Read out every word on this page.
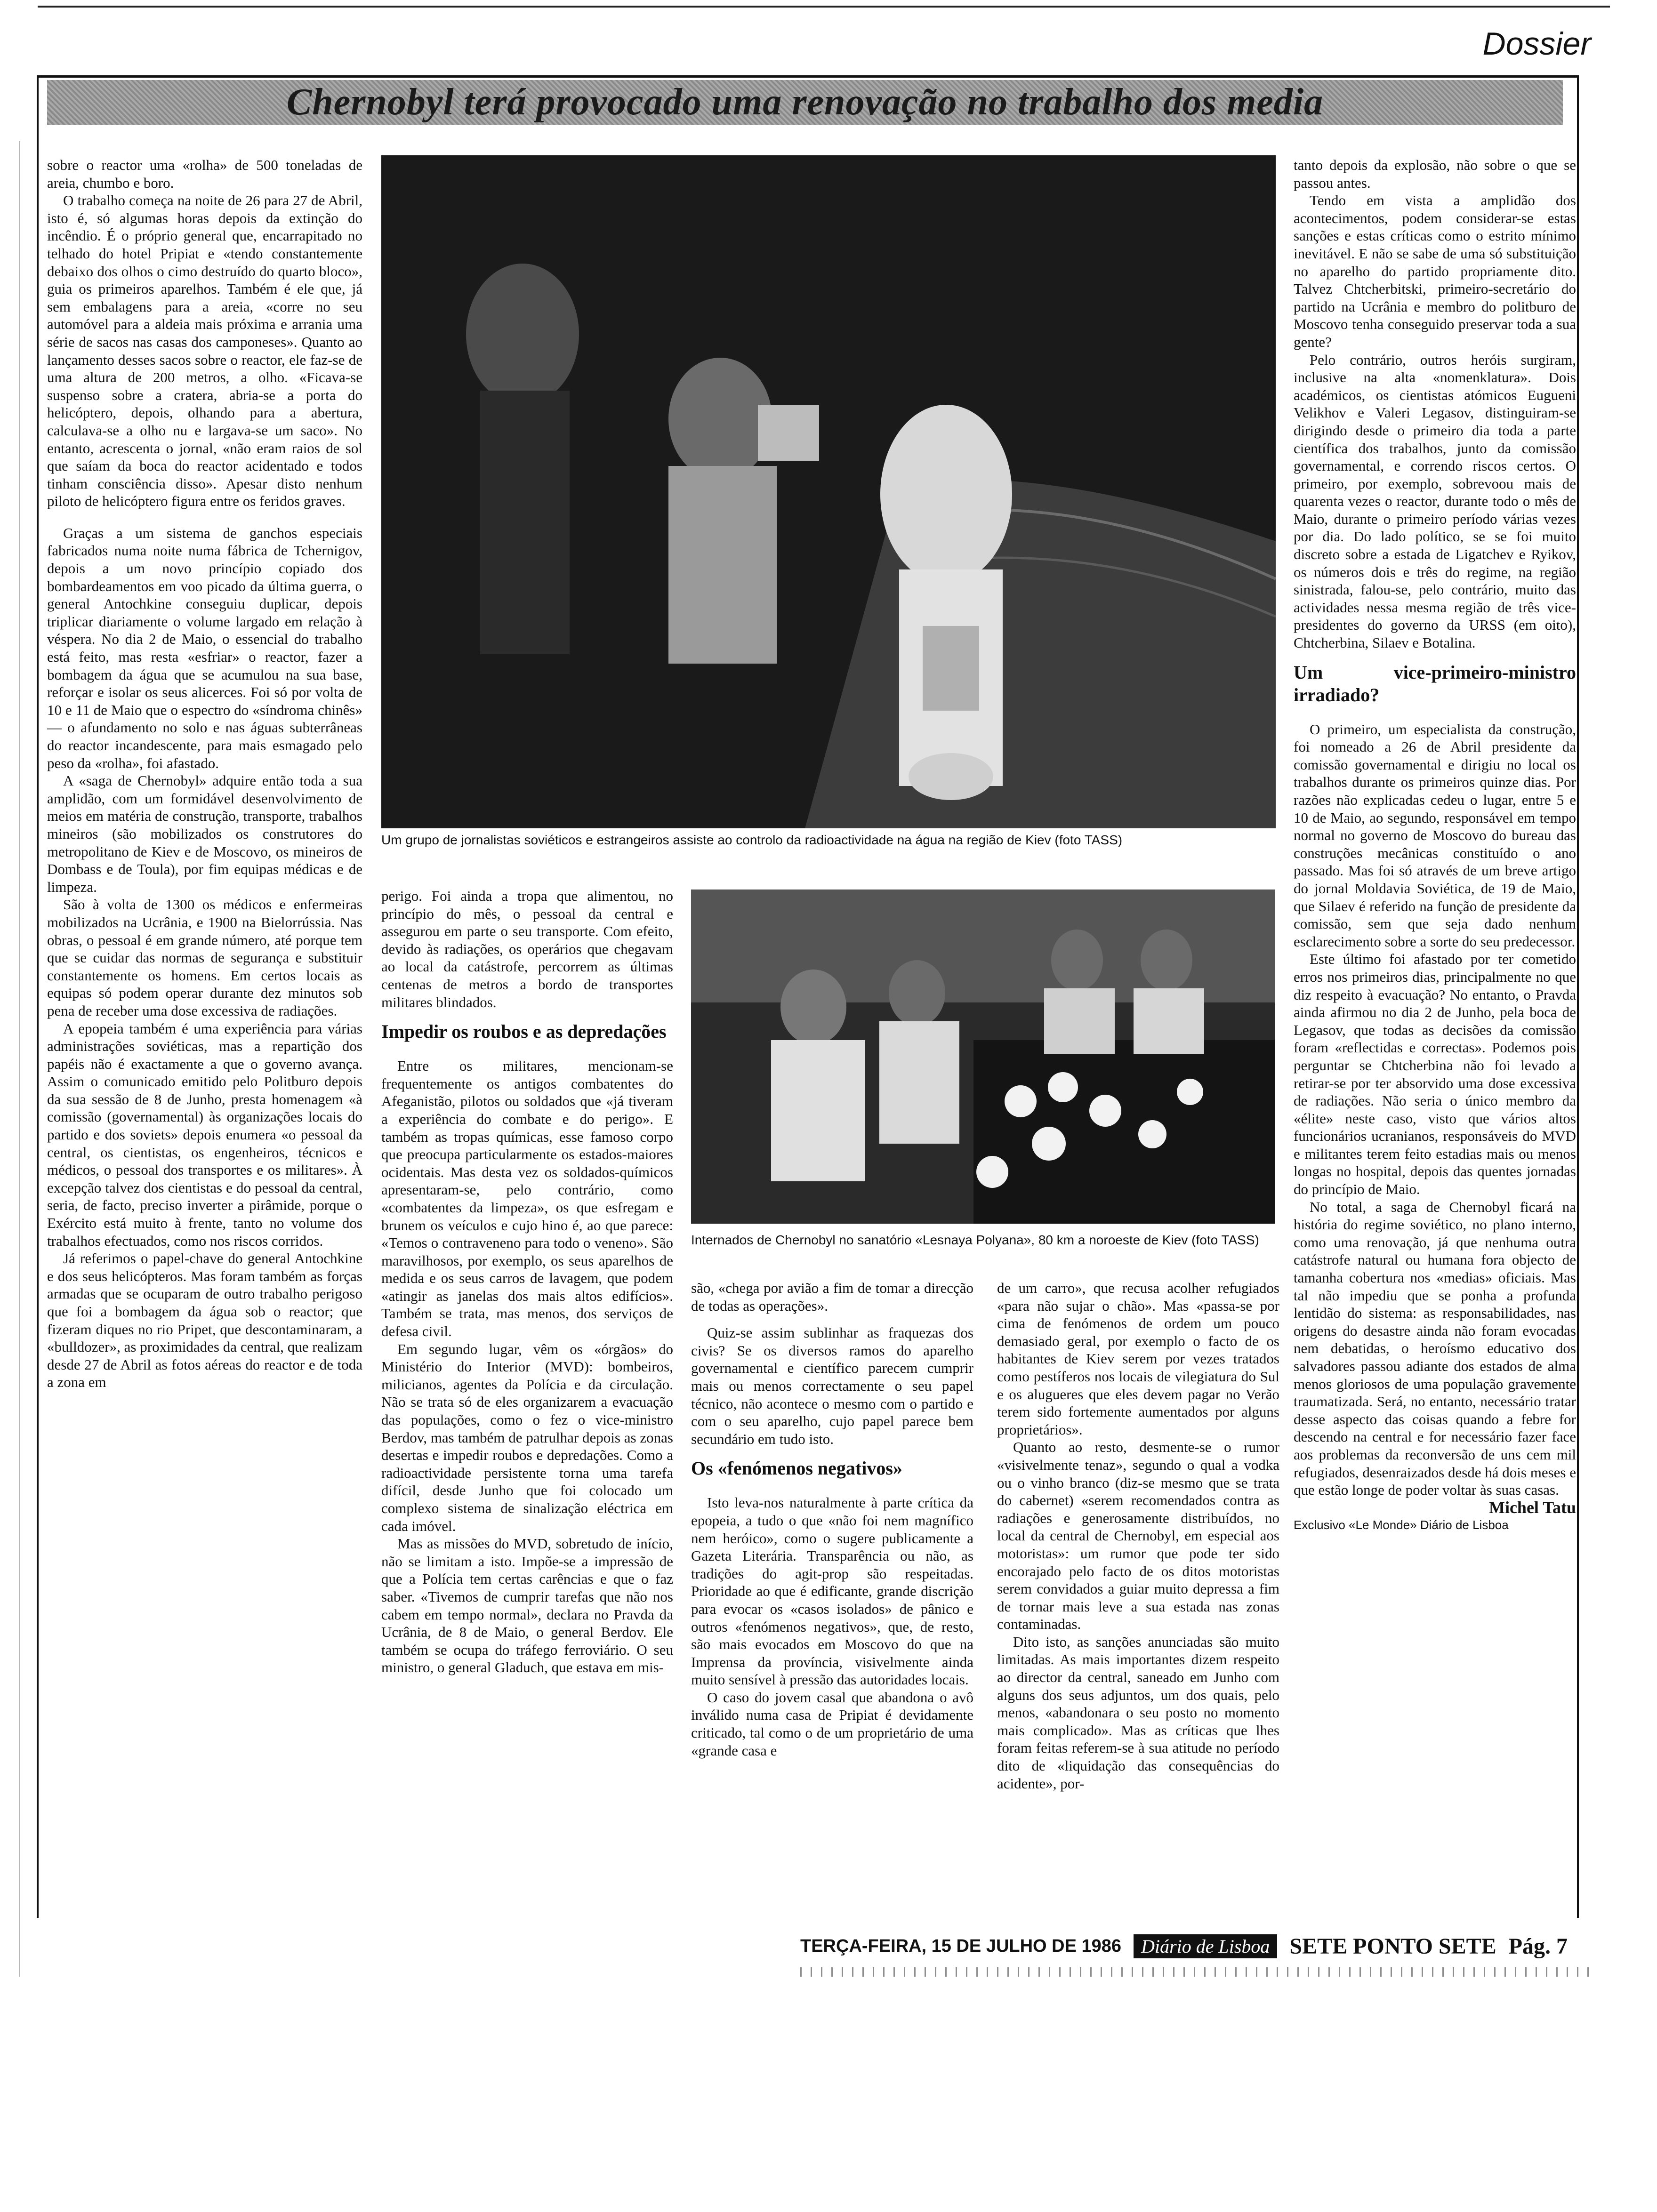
Dossier
Chernobyl terá provocado uma renovação no trabalho dos media

sobre o reactor uma «rolha» de 500 toneladas de areia, chumbo e boro.

O trabalho começa na noite de 26 para 27 de Abril, isto é, só algumas horas depois da extinção do incêndio. É o próprio general que, encarrapitado no telhado do hotel Pripiat e «tendo constantemente debaixo dos olhos o cimo destruído do quarto bloco», guia os primeiros aparelhos. Também é ele que, já sem embalagens para a areia, «corre no seu automóvel para a aldeia mais próxima e arrania uma série de sacos nas casas dos camponeses». Quanto ao lançamento desses sacos sobre o reactor, ele faz-se de uma altura de 200 metros, a olho. «Ficava-se suspenso sobre a cratera, abria-se a porta do helicóptero, depois, olhando para a abertura, calculava-se a olho nu e largava-se um saco». No entanto, acrescenta o jornal, «não eram raios de sol que saíam da boca do reactor acidentado e todos tinham consciência disso». Apesar disto nenhum piloto de helicóptero figura entre os feridos graves.

Graças a um sistema de ganchos especiais fabricados numa noite numa fábrica de Tchernigov, depois a um novo princípio copiado dos bombardeamentos em voo picado da última guerra, o general Antochkine conseguiu duplicar, depois triplicar diariamente o volume largado em relação à véspera. No dia 2 de Maio, o essencial do trabalho está feito, mas resta «esfriar» o reactor, fazer a bombagem da água que se acumulou na sua base, reforçar e isolar os seus alicerces. Foi só por volta de 10 e 11 de Maio que o espectro do «síndroma chinês» — o afundamento no solo e nas águas subterrâneas do reactor incandescente, para mais esmagado pelo peso da «rolha», foi afastado.

A «saga de Chernobyl» adquire então toda a sua amplidão, com um formidável desenvolvimento de meios em matéria de construção, transporte, trabalhos mineiros (são mobilizados os construtores do metropolitano de Kiev e de Moscovo, os mineiros de Dombass e de Toula), por fim equipas médicas e de limpeza.

São à volta de 1300 os médicos e enfermeiras mobilizados na Ucrânia, e 1900 na Bielorrússia. Nas obras, o pessoal é em grande número, até porque tem que se cuidar das normas de segurança e substituir constantemente os homens. Em certos locais as equipas só podem operar durante dez minutos sob pena de receber uma dose excessiva de radiações.

A epopeia também é uma experiência para várias administrações soviéticas, mas a repartição dos papéis não é exactamente a que o governo avança. Assim o comunicado emitido pelo Politburo depois da sua sessão de 8 de Junho, presta homenagem «à comissão (governamental) às organizações locais do partido e dos soviets» depois enumera «o pessoal da central, os cientistas, os engenheiros, técnicos e médicos, o pessoal dos transportes e os militares». À excepção talvez dos cientistas e do pessoal da central, seria, de facto, preciso inverter a pirâmide, porque o Exército está muito à frente, tanto no volume dos trabalhos efectuados, como nos riscos corridos.

Já referimos o papel-chave do general Antochkine e dos seus helicópteros. Mas foram também as forças armadas que se ocuparam de outro trabalho perigoso que foi a bombagem da água sob o reactor; que fizeram diques no rio Pripet, que descontaminaram, a «bulldozer», as proximidades da central, que realizam desde 27 de Abril as fotos aéreas do reactor e de toda a zona em

Um grupo de jornalistas soviéticos e estrangeiros assiste ao controlo da radioactividade na água na região de Kiev (foto TASS)

perigo. Foi ainda a tropa que alimentou, no princípio do mês, o pessoal da central e assegurou em parte o seu transporte. Com efeito, devido às radiações, os operários que chegavam ao local da catástrofe, percorrem as últimas centenas de metros a bordo de transportes militares blindados.

Impedir os roubos e as depredações

Entre os militares, mencionam-se frequentemente os antigos combatentes do Afeganistão, pilotos ou soldados que «já tiveram a experiência do combate e do perigo». E também as tropas químicas, esse famoso corpo que preocupa particularmente os estados-maiores ocidentais. Mas desta vez os soldados-químicos apresentaram-se, pelo contrário, como «combatentes da limpeza», os que esfregam e brunem os veículos e cujo hino é, ao que parece: «Temos o contraveneno para todo o veneno». São maravilhosos, por exemplo, os seus aparelhos de medida e os seus carros de lavagem, que podem «atingir as janelas dos mais altos edifícios». Também se trata, mas menos, dos serviços de defesa civil.

Em segundo lugar, vêm os «órgãos» do Ministério do Interior (MVD): bombeiros, milicianos, agentes da Polícia e da circulação. Não se trata só de eles organizarem a evacuação das populações, como o fez o vice-ministro Berdov, mas também de patrulhar depois as zonas desertas e impedir roubos e depredações. Como a radioactividade persistente torna uma tarefa difícil, desde Junho que foi colocado um complexo sistema de sinalização eléctrica em cada imóvel.

Mas as missões do MVD, sobretudo de início, não se limitam a isto. Impõe-se a impressão de que a Polícia tem certas carências e que o faz saber. «Tivemos de cumprir tarefas que não nos cabem em tempo normal», declara no Pravda da Ucrânia, de 8 de Maio, o general Berdov. Ele também se ocupa do tráfego ferroviário. O seu ministro, o general Gladuch, que estava em mis-

Internados de Chernobyl no sanatório «Lesnaya Polyana», 80 km a noroeste de Kiev (foto TASS)

são, «chega por avião a fim de tomar a direcção de todas as operações».

Quiz-se assim sublinhar as fraquezas dos civis? Se os diversos ramos do aparelho governamental e científico parecem cumprir mais ou menos correctamente o seu papel técnico, não acontece o mesmo com o partido e com o seu aparelho, cujo papel parece bem secundário em tudo isto.

Os «fenómenos negativos»

Isto leva-nos naturalmente à parte crítica da epopeia, a tudo o que «não foi nem magnífico nem heróico», como o sugere publicamente a Gazeta Literária. Transparência ou não, as tradições do agit-prop são respeitadas. Prioridade ao que é edificante, grande discrição para evocar os «casos isolados» de pânico e outros «fenómenos negativos», que, de resto, são mais evocados em Moscovo do que na Imprensa da província, visivelmente ainda muito sensível à pressão das autoridades locais.

O caso do jovem casal que abandona o avô inválido numa casa de Pripiat é devidamente criticado, tal como o de um proprietário de uma «grande casa e

de um carro», que recusa acolher refugiados «para não sujar o chão». Mas «passa-se por cima de fenómenos de ordem um pouco demasiado geral, por exemplo o facto de os habitantes de Kiev serem por vezes tratados como pestíferos nos locais de vilegiatura do Sul e os alugueres que eles devem pagar no Verão terem sido fortemente aumentados por alguns proprietários».

Quanto ao resto, desmente-se o rumor «visivelmente tenaz», segundo o qual a vodka ou o vinho branco (diz-se mesmo que se trata do cabernet) «serem recomendados contra as radiações e generosamente distribuídos, no local da central de Chernobyl, em especial aos motoristas»: um rumor que pode ter sido encorajado pelo facto de os ditos motoristas serem convidados a guiar muito depressa a fim de tornar mais leve a sua estada nas zonas contaminadas.

Dito isto, as sanções anunciadas são muito limitadas. As mais importantes dizem respeito ao director da central, saneado em Junho com alguns dos seus adjuntos, um dos quais, pelo menos, «abandonara o seu posto no momento mais complicado». Mas as críticas que lhes foram feitas referem-se à sua atitude no período dito de «liquidação das consequências do acidente», por-

tanto depois da explosão, não sobre o que se passou antes.

Tendo em vista a amplidão dos acontecimentos, podem considerar-se estas sanções e estas críticas como o estrito mínimo inevitável. E não se sabe de uma só substituição no aparelho do partido propriamente dito. Talvez Chtcherbitski, primeiro-secretário do partido na Ucrânia e membro do politburo de Moscovo tenha conseguido preservar toda a sua gente?

Pelo contrário, outros heróis surgiram, inclusive na alta «nomenklatura». Dois académicos, os cientistas atómicos Eugueni Velikhov e Valeri Legasov, distinguiram-se dirigindo desde o primeiro dia toda a parte científica dos trabalhos, junto da comissão governamental, e correndo riscos certos. O primeiro, por exemplo, sobrevoou mais de quarenta vezes o reactor, durante todo o mês de Maio, durante o primeiro período várias vezes por dia. Do lado político, se se foi muito discreto sobre a estada de Ligatchev e Ryikov, os números dois e três do regime, na região sinistrada, falou-se, pelo contrário, muito das actividades nessa mesma região de três vice-presidentes do governo da URSS (em oito), Chtcherbina, Silaev e Botalina.

Um vice-primeiro-ministro irradiado?

O primeiro, um especialista da construção, foi nomeado a 26 de Abril presidente da comissão governamental e dirigiu no local os trabalhos durante os primeiros quinze dias. Por razões não explicadas cedeu o lugar, entre 5 e 10 de Maio, ao segundo, responsável em tempo normal no governo de Moscovo do bureau das construções mecânicas constituído o ano passado. Mas foi só através de um breve artigo do jornal Moldavia Soviética, de 19 de Maio, que Silaev é referido na função de presidente da comissão, sem que seja dado nenhum esclarecimento sobre a sorte do seu predecessor.

Este último foi afastado por ter cometido erros nos primeiros dias, principalmente no que diz respeito à evacuação? No entanto, o Pravda ainda afirmou no dia 2 de Junho, pela boca de Legasov, que todas as decisões da comissão foram «reflectidas e correctas». Podemos pois perguntar se Chtcherbina não foi levado a retirar-se por ter absorvido uma dose excessiva de radiações. Não seria o único membro da «élite» neste caso, visto que vários altos funcionários ucranianos, responsáveis do MVD e militantes terem feito estadias mais ou menos longas no hospital, depois das quentes jornadas do princípio de Maio.

No total, a saga de Chernobyl ficará na história do regime soviético, no plano interno, como uma renovação, já que nenhuma outra catástrofe natural ou humana fora objecto de tamanha cobertura nos «medias» oficiais. Mas tal não impediu que se ponha a profunda lentidão do sistema: as responsabilidades, nas origens do desastre ainda não foram evocadas nem debatidas, o heroísmo educativo dos salvadores passou adiante dos estados de alma menos gloriosos de uma população gravemente traumatizada. Será, no entanto, necessário tratar desse aspecto das coisas quando a febre for descendo na central e for necessário fazer face aos problemas da reconversão de uns cem mil refugiados, desenraizados desde há dois meses e que estão longe de poder voltar às suas casas.

Michel Tatu

Exclusivo «Le Monde» Diário de Lisboa

TERÇA-FEIRA, 15 DE JULHO DE 1986	Diário de Lisboa SETE PONTO SETE Pág. 7
